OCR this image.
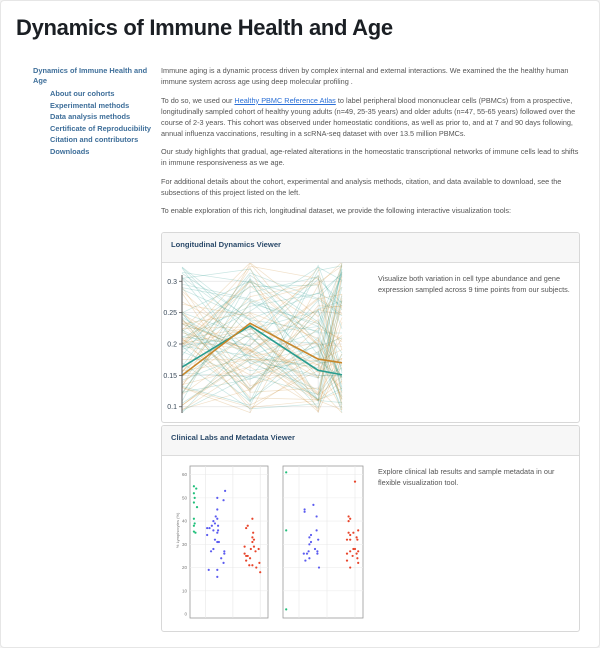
Dynamics of Immune Health and Age
Dynamics of Immune Health and Age
About our cohorts
Experimental methods
Data analysis methods
Certificate of Reproducibility
Citation and contributors
Downloads

Immune aging is a dynamic process driven by complex internal and external interactions. We examined the the healthy human immune system across age using deep molecular profiling .

To do so, we used our Healthy PBMC Reference Atlas to label peripheral blood mononuclear cells (PBMCs) from a prospective, longitudinally sampled cohort of healthy young adults (n=49, 25-35 years) and older adults (n=47, 55-65 years) followed over the course of 2-3 years. This cohort was observed under homeostatic conditions, as well as prior to, and at 7 and 90 days following, annual influenza vaccinations, resulting in a scRNA-seq dataset with over 13.5 million PBMCs.

Our study highlights that gradual, age-related alterations in the homeostatic transcriptional networks of immune cells lead to shifts in immune responsiveness as we age.

For additional details about the cohort, experimental and analysis methods, citation, and data available to download, see the subsections of this project listed on the left.

To enable exploration of this rich, longitudinal dataset, we provide the following interactive visualization tools:

Longitudinal Dynamics Viewer
0.3
0.25
0.2
0.15
0.1
Visualize both variation in cell type abundance and gene expression sampled across 9 time points from our subjects.
Clinical Labs and Metadata Viewer
60
50
40
30
20
10
0
% Lymphocytes (%)
Explore clinical lab results and sample metadata in our flexible visualization tool.
